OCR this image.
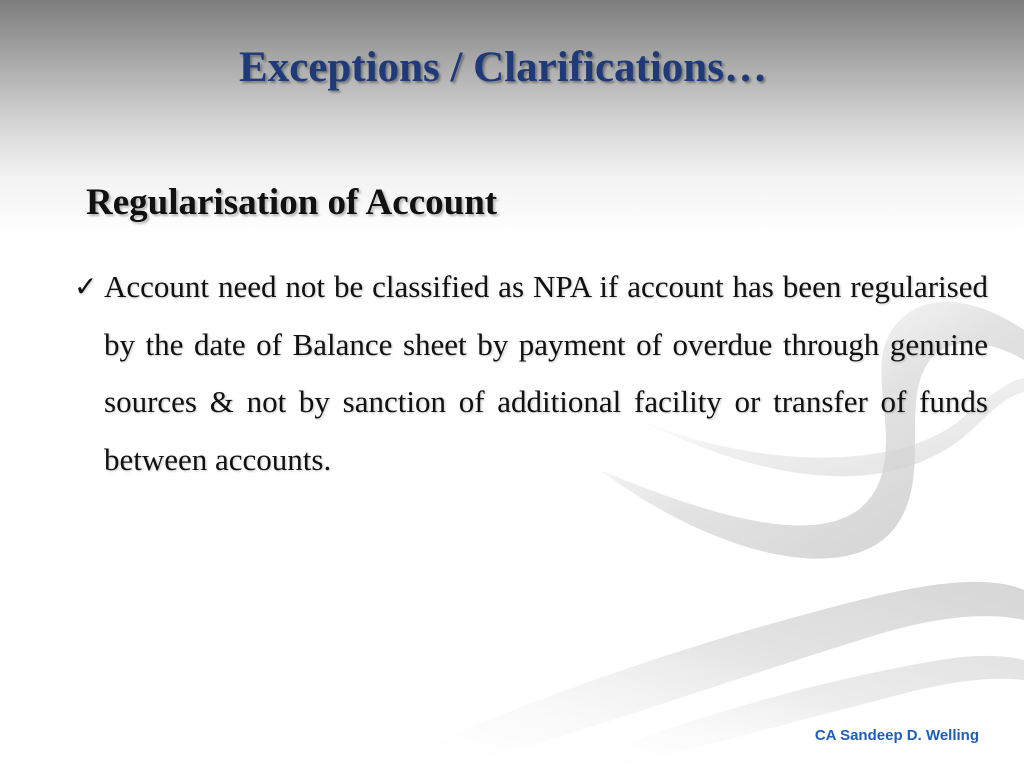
Exceptions / Clarifications…
Regularisation of Account
✓ Account need not be classified as NPA if account has been regularised by the date of Balance sheet by payment of overdue through genuine sources & not by sanction of additional facility or transfer of funds between accounts.
CA Sandeep D. Welling
